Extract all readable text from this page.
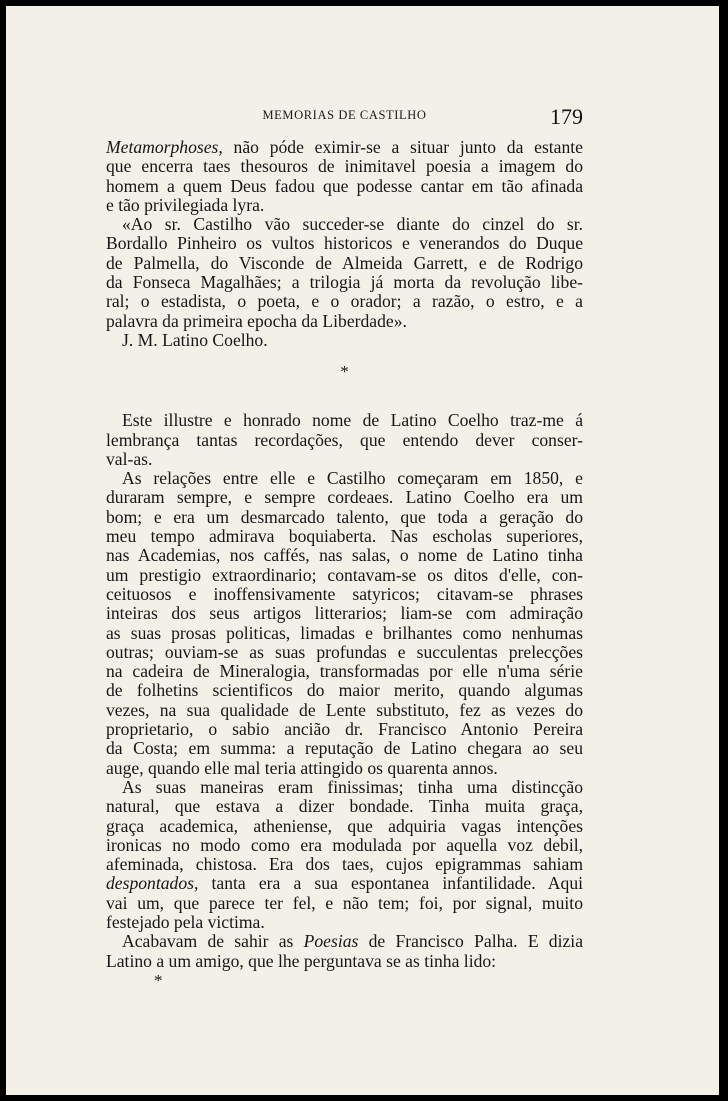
MEMORIAS DE CASTILHO	179
Metamorphoses, não póde eximir-se a situar junto da estante
que encerra taes thesouros de inimitavel poesia a imagem do
homem a quem Deus fadou que podesse cantar em tão afinada
e tão privilegiada lyra.
«Ao sr. Castilho vão succeder-se diante do cinzel do sr.
Bordallo Pinheiro os vultos historicos e venerandos do Duque
de Palmella, do Visconde de Almeida Garrett, e de Rodrigo
da Fonseca Magalhães; a trilogia já morta da revolução libe-
ral; o estadista, o poeta, e o orador; a razão, o estro, e a
palavra da primeira epocha da Liberdade».
J. M. Latino Coelho.
*
Este illustre e honrado nome de Latino Coelho traz-me á
lembrança tantas recordações, que entendo dever conser-
val-as.
As relações entre elle e Castilho começaram em 1850, e
duraram sempre, e sempre cordeaes. Latino Coelho era um
bom; e era um desmarcado talento, que toda a geração do
meu tempo admirava boquiaberta. Nas escholas superiores,
nas Academias, nos caffés, nas salas, o nome de Latino tinha
um prestigio extraordinario; contavam-se os ditos d'elle, con-
ceituosos e inoffensivamente satyricos; citavam-se phrases
inteiras dos seus artigos litterarios; liam-se com admiração
as suas prosas politicas, limadas e brilhantes como nenhumas
outras; ouviam-se as suas profundas e succulentas prelecções
na cadeira de Mineralogia, transformadas por elle n'uma série
de folhetins scientificos do maior merito, quando algumas
vezes, na sua qualidade de Lente substituto, fez as vezes do
proprietario, o sabio ancião dr. Francisco Antonio Pereira
da Costa; em summa: a reputação de Latino chegara ao seu
auge, quando elle mal teria attingido os quarenta annos.
As suas maneiras eram finissimas; tinha uma distincção
natural, que estava a dizer bondade. Tinha muita graça,
graça academica, atheniense, que adquiria vagas intenções
ironicas no modo como era modulada por aquella voz debil,
afeminada, chistosa. Era dos taes, cujos epigrammas sahiam
despontados, tanta era a sua espontanea infantilidade. Aqui
vai um, que parece ter fel, e não tem; foi, por signal, muito
festejado pela victima.
Acabavam de sahir as Poesias de Francisco Palha. E dizia
Latino a um amigo, que lhe perguntava se as tinha lido:
*
